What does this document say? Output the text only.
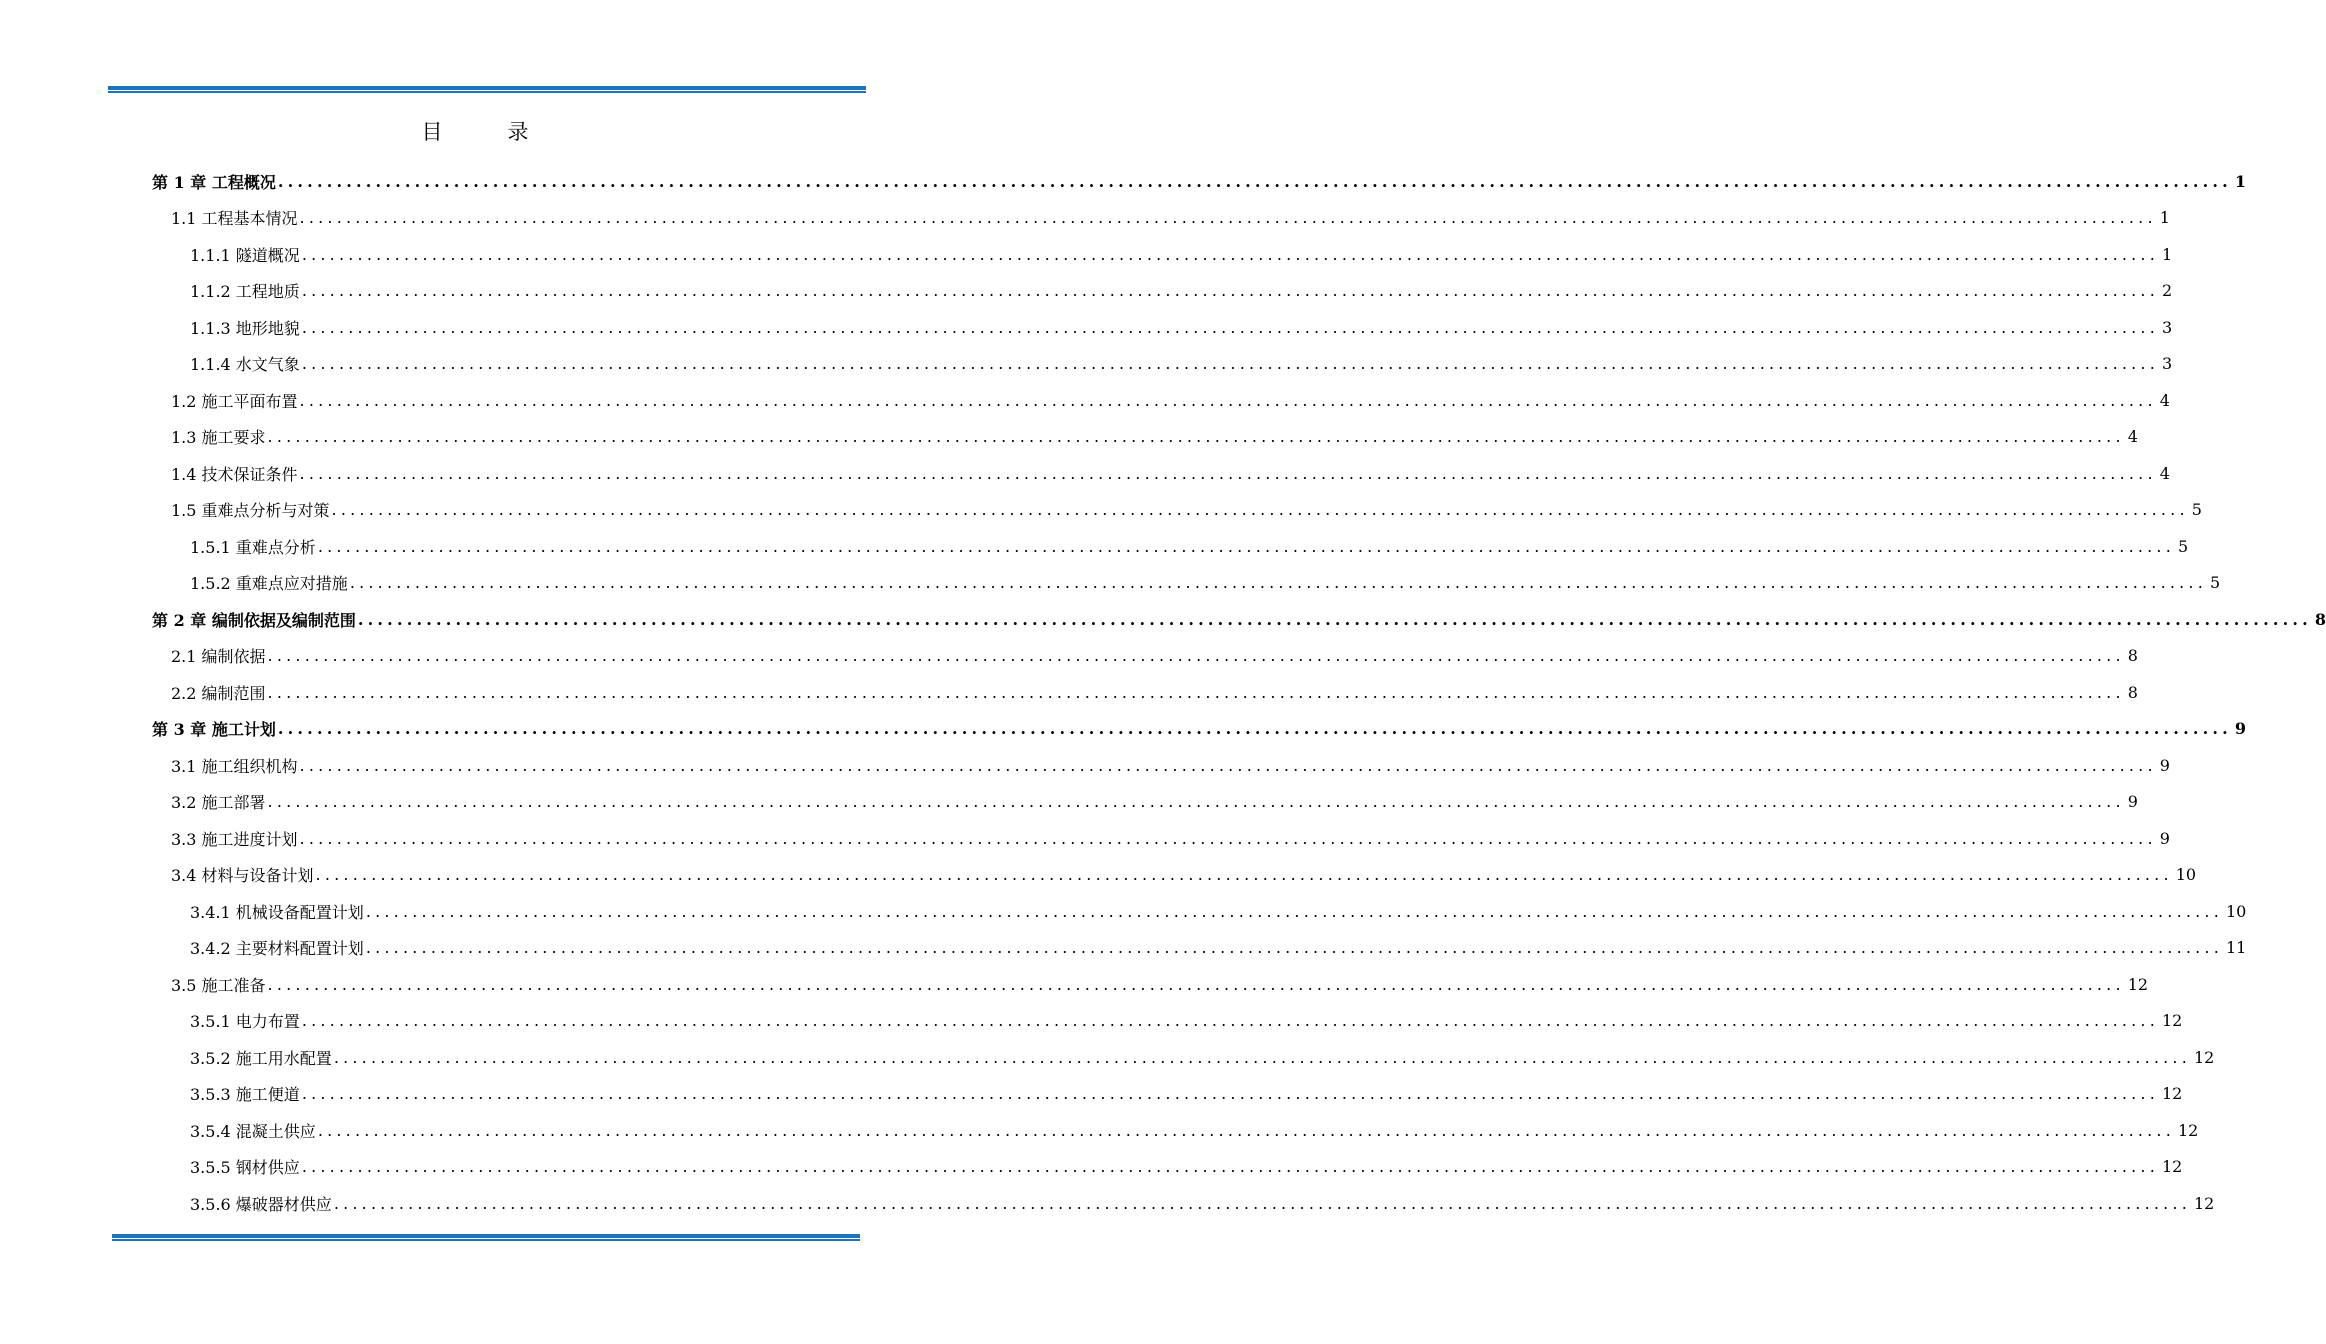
目　录
第 1 章 工程概况 ........................................................................................................................................................................................................ 1
1.1 工程基本情况 ........................................................................................................................................................................................................ 1
1.1.1 隧道概况 ........................................................................................................................................................................................................ 1
1.1.2 工程地质 ........................................................................................................................................................................................................ 2
1.1.3 地形地貌 ........................................................................................................................................................................................................ 3
1.1.4 水文气象 ........................................................................................................................................................................................................ 3
1.2 施工平面布置 ........................................................................................................................................................................................................ 4
1.3 施工要求 ........................................................................................................................................................................................................ 4
1.4 技术保证条件 ........................................................................................................................................................................................................ 4
1.5 重难点分析与对策 ........................................................................................................................................................................................................ 5
1.5.1 重难点分析 ........................................................................................................................................................................................................ 5
1.5.2 重难点应对措施 ........................................................................................................................................................................................................ 5
第 2 章 编制依据及编制范围 ........................................................................................................................................................................................................ 8
2.1 编制依据 ........................................................................................................................................................................................................ 8
2.2 编制范围 ........................................................................................................................................................................................................ 8
第 3 章 施工计划 ........................................................................................................................................................................................................ 9
3.1 施工组织机构 ........................................................................................................................................................................................................ 9
3.2 施工部署 ........................................................................................................................................................................................................ 9
3.3 施工进度计划 ........................................................................................................................................................................................................ 9
3.4 材料与设备计划 ........................................................................................................................................................................................................ 10
3.4.1 机械设备配置计划 ........................................................................................................................................................................................................ 10
3.4.2 主要材料配置计划 ........................................................................................................................................................................................................ 11
3.5 施工准备 ........................................................................................................................................................................................................ 12
3.5.1 电力布置 ........................................................................................................................................................................................................ 12
3.5.2 施工用水配置 ........................................................................................................................................................................................................ 12
3.5.3 施工便道 ........................................................................................................................................................................................................ 12
3.5.4 混凝土供应 ........................................................................................................................................................................................................ 12
3.5.5 钢材供应 ........................................................................................................................................................................................................ 12
3.5.6 爆破器材供应 ........................................................................................................................................................................................................ 12
